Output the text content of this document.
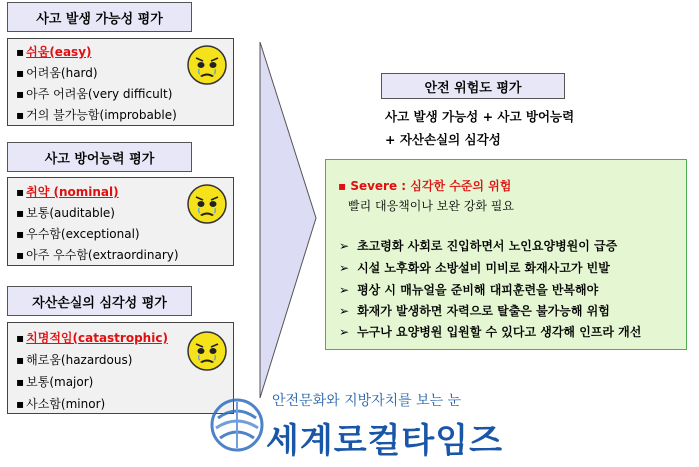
사고 발생 가능성 평가
▪ 쉬움(easy)
▪ 어려움(hard)
▪ 아주 어려움(very difficult)
▪ 거의 불가능함(improbable)
사고 방어능력 평가
▪ 취약 (nominal)
▪ 보통(auditable)
▪ 우수함(exceptional)
▪ 아주 우수함(extraordinary)
자산손실의 심각성 평가
▪ 치명적임(catastrophic)
▪ 해로움(hazardous)
▪ 보통(major)
▪ 사소함(minor)
안전 위험도 평가
사고 발생 가능성 + 사고 방어능력
+ 자산손실의 심각성
▪ Severe : 심각한 수준의 위험
빨리 대응책이나 보완 강화 필요
➢ 초고령화 사회로 진입하면서 노인요양병원이 급증
➢ 시설 노후화와 소방설비 미비로 화재사고가 빈발
➢ 평상 시 매뉴얼을 준비해 대피훈련을 반복해야
➢ 화재가 발생하면 자력으로 탈출은 불가능해 위험
➢ 누구나 요양병원 입원할 수 있다고 생각해 인프라 개선
안전문화와 지방자치를 보는 눈
세계로컬타임즈
